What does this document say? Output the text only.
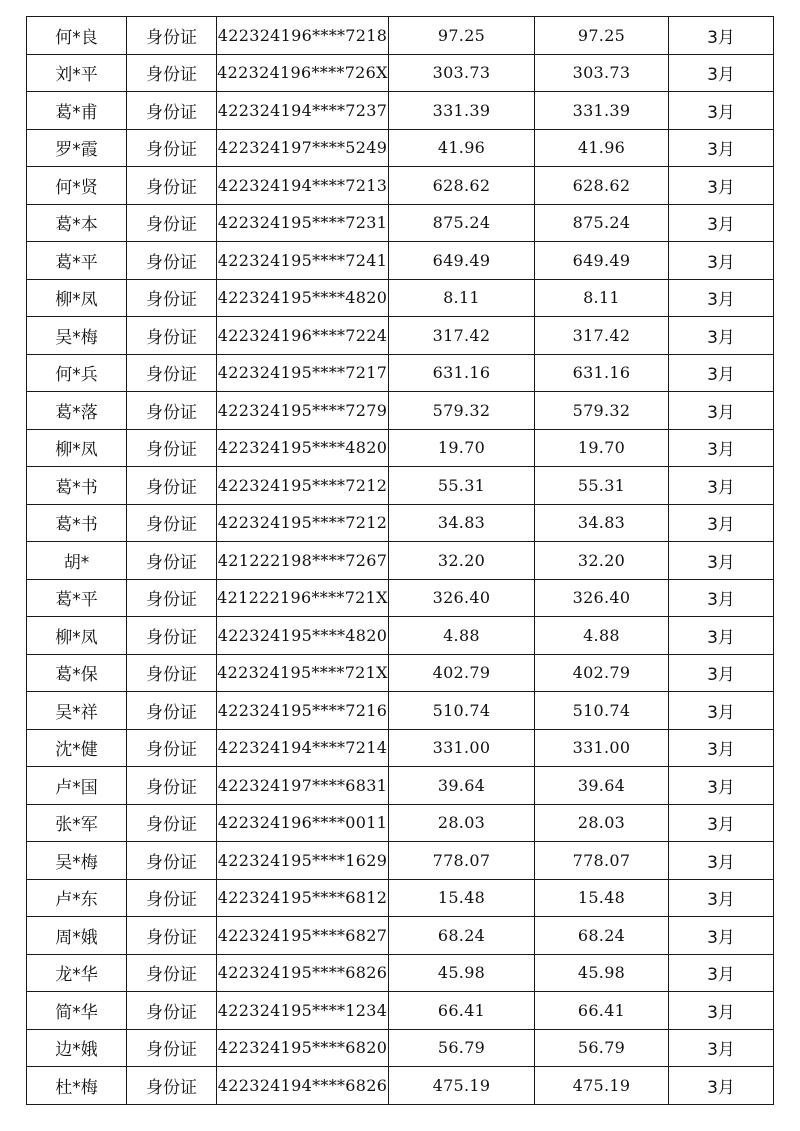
何*良	身份证	422324196****7218	97.25	97.25	3月
刘*平	身份证	422324196****726X	303.73	303.73	3月
葛*甫	身份证	422324194****7237	331.39	331.39	3月
罗*霞	身份证	422324197****5249	41.96	41.96	3月
何*贤	身份证	422324194****7213	628.62	628.62	3月
葛*本	身份证	422324195****7231	875.24	875.24	3月
葛*平	身份证	422324195****7241	649.49	649.49	3月
柳*凤	身份证	422324195****4820	8.11	8.11	3月
吴*梅	身份证	422324196****7224	317.42	317.42	3月
何*兵	身份证	422324195****7217	631.16	631.16	3月
葛*落	身份证	422324195****7279	579.32	579.32	3月
柳*凤	身份证	422324195****4820	19.70	19.70	3月
葛*书	身份证	422324195****7212	55.31	55.31	3月
葛*书	身份证	422324195****7212	34.83	34.83	3月
胡*	身份证	421222198****7267	32.20	32.20	3月
葛*平	身份证	421222196****721X	326.40	326.40	3月
柳*凤	身份证	422324195****4820	4.88	4.88	3月
葛*保	身份证	422324195****721X	402.79	402.79	3月
吴*祥	身份证	422324195****7216	510.74	510.74	3月
沈*健	身份证	422324194****7214	331.00	331.00	3月
卢*国	身份证	422324197****6831	39.64	39.64	3月
张*军	身份证	422324196****0011	28.03	28.03	3月
吴*梅	身份证	422324195****1629	778.07	778.07	3月
卢*东	身份证	422324195****6812	15.48	15.48	3月
周*娥	身份证	422324195****6827	68.24	68.24	3月
龙*华	身份证	422324195****6826	45.98	45.98	3月
简*华	身份证	422324195****1234	66.41	66.41	3月
边*娥	身份证	422324195****6820	56.79	56.79	3月
杜*梅	身份证	422324194****6826	475.19	475.19	3月
